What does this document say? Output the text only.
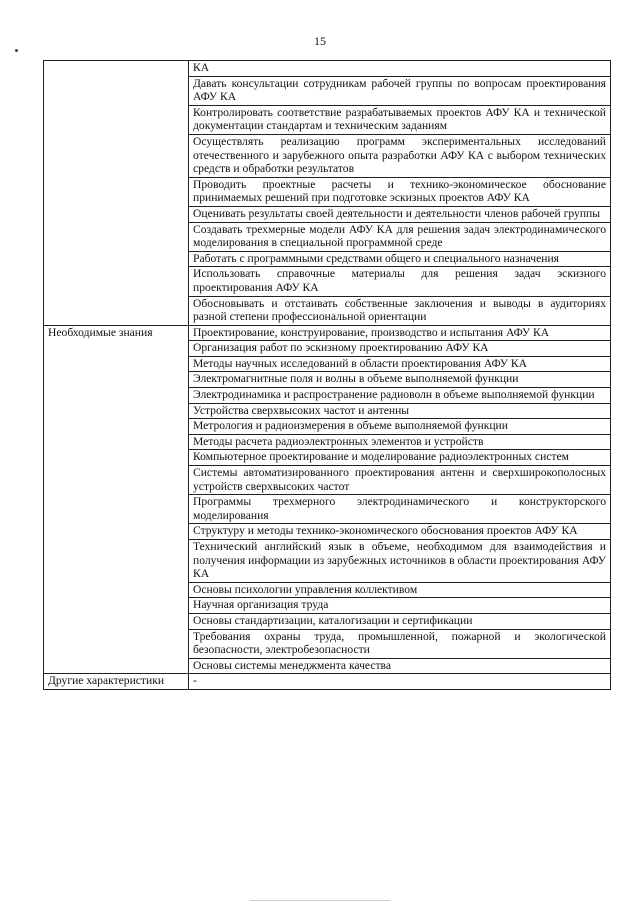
15
	КА
	Давать консультации сотрудникам рабочей группы по вопросам проектирования АФУ КА
	Контролировать соответствие разрабатываемых проектов АФУ КА и технической документации стандартам и техническим заданиям
	Осуществлять реализацию программ экспериментальных исследований отечественного и зарубежного опыта разработки АФУ КА с выбором технических средств и обработки результатов
	Проводить проектные расчеты и технико-экономическое обоснование принимаемых решений при подготовке эскизных проектов АФУ КА
	Оценивать результаты своей деятельности и деятельности членов рабочей группы
	Создавать трехмерные модели АФУ КА для решения задач электродинамического моделирования в специальной программной среде
	Работать с программными средствами общего и специального назначения
	Использовать справочные материалы для решения задач эскизного проектирования АФУ КА
	Обосновывать и отстаивать собственные заключения и выводы в аудиториях разной степени профессиональной ориентации
Необходимые знания	Проектирование, конструирование, производство и испытания АФУ КА
	Организация работ по эскизному проектированию АФУ КА
	Методы научных исследований в области проектирования АФУ КА
	Электромагнитные поля и волны в объеме выполняемой функции
	Электродинамика и распространение радиоволн в объеме выполняемой функции
	Устройства сверхвысоких частот и антенны
	Метрология и радиоизмерения в объеме выполняемой функции
	Методы расчета радиоэлектронных элементов и устройств
	Компьютерное проектирование и моделирование радиоэлектронных систем
	Системы автоматизированного проектирования антенн и сверхширокополосных устройств сверхвысоких частот
	Программы трехмерного электродинамического и конструкторского моделирования
	Структуру и методы технико-экономического обоснования проектов АФУ КА
	Технический английский язык в объеме, необходимом для взаимодействия и получения информации из зарубежных источников в области проектирования АФУ КА
	Основы психологии управления коллективом
	Научная организация труда
	Основы стандартизации, каталогизации и сертификации
	Требования охраны труда, промышленной, пожарной и экологической безопасности, электробезопасности
	Основы системы менеджмента качества
Другие характеристики	-
